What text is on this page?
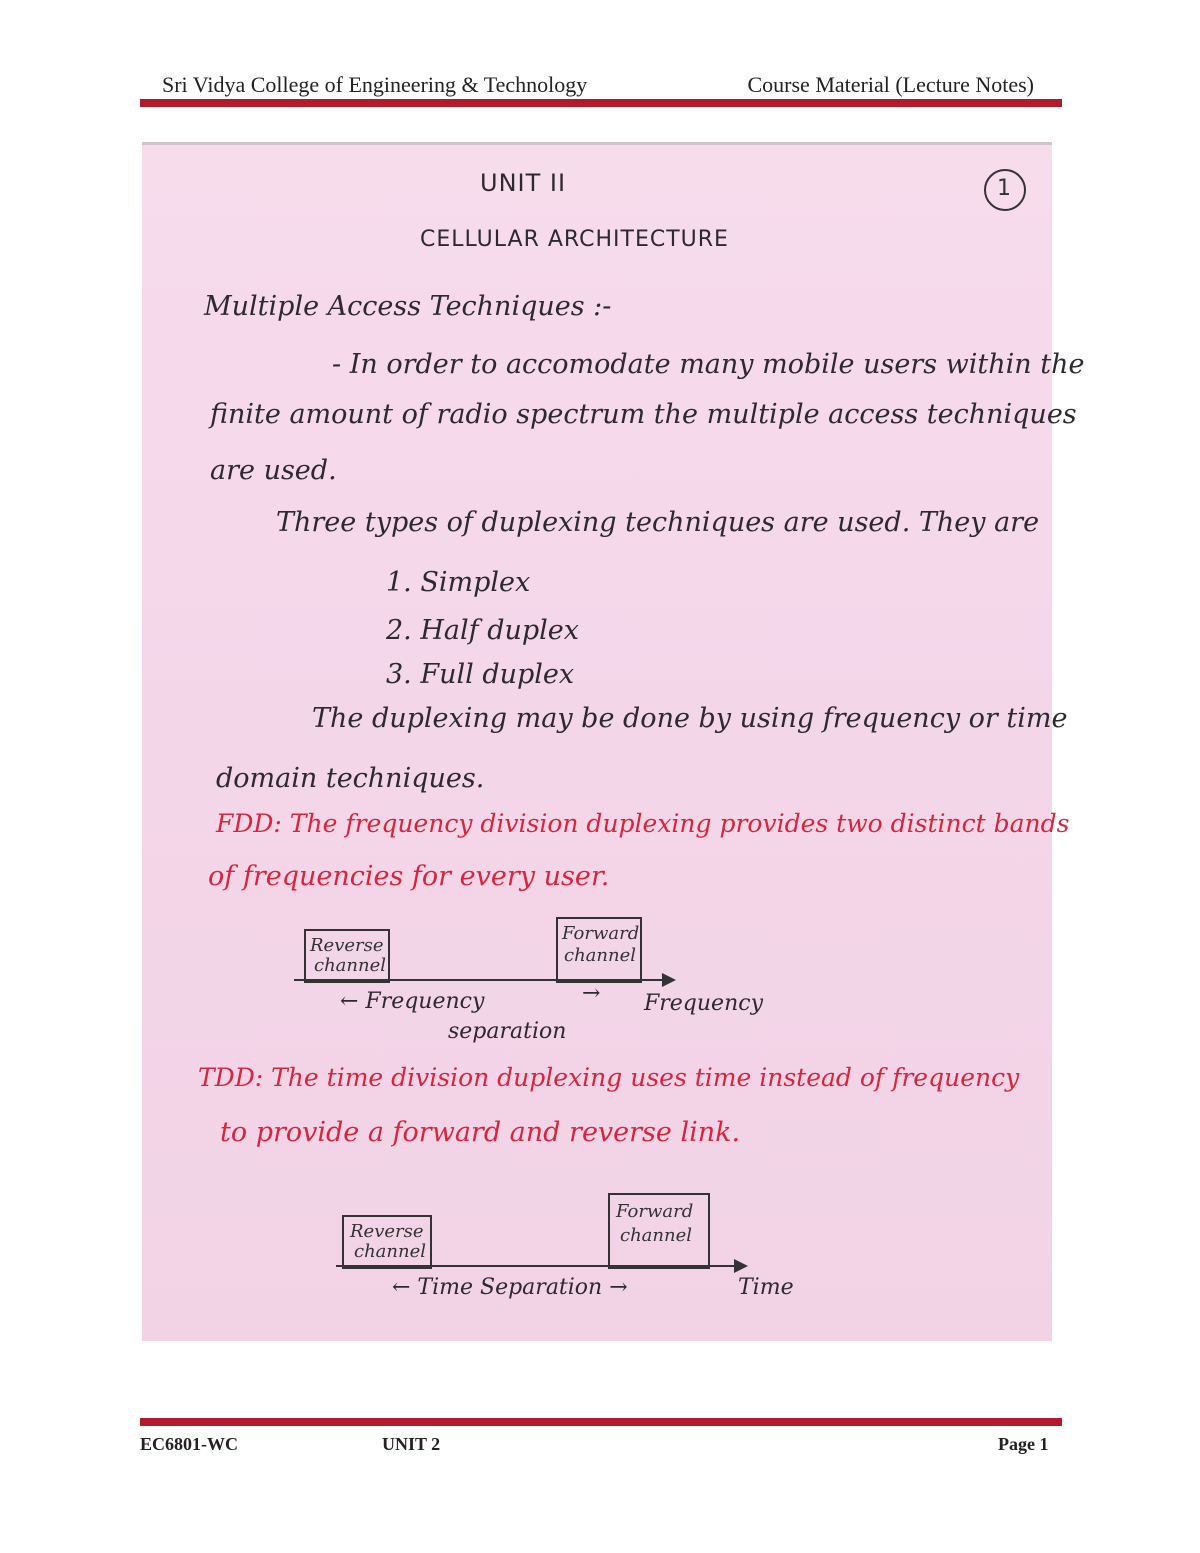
Sri Vidya College of Engineering & Technology	Course Material (Lecture Notes)
UNIT II	1
CELLULAR ARCHITECTURE
Multiple Access Techniques :-
- In order to accomodate many mobile users within the
finite amount of radio spectrum the multiple access techniques
are used.
Three types of duplexing techniques are used. They are
1. Simplex
2. Half duplex
3. Full duplex
The duplexing may be done by using frequency or time
domain techniques.
FDD: The frequency division duplexing provides two distinct bands
of frequencies for every user.
Reverse
channel
Forward
channel
← Frequency
separation
→ Frequency
TDD: The time division duplexing uses time instead of frequency
to provide a forward and reverse link.
Reverse
channel
Forward
channel
← Time Separation →	Time
EC6801-WC	UNIT 2	Page 1
